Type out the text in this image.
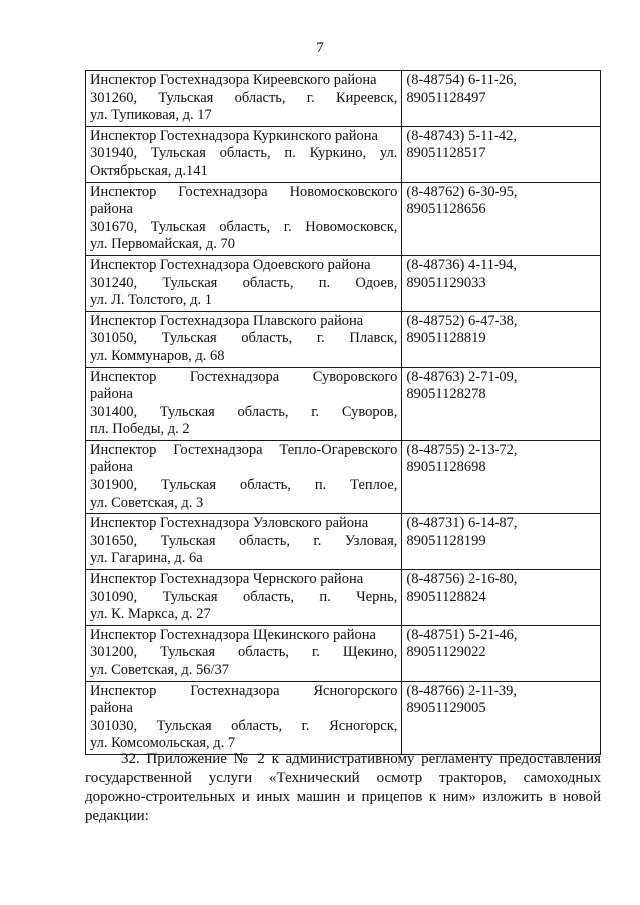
7
Инспектор Гостехнадзора Киреевского района
301260, Тульская область, г. Киреевск,
ул. Тупиковая, д. 17	(8-48754) 6-11-26,
89051128497

Инспектор Гостехнадзора Куркинского района
301940, Тульская область, п. Куркино, ул.
Октябрьская, д.141	(8-48743) 5-11-42,
89051128517

Инспектор Гостехнадзора Новомосковского
района
301670, Тульская область, г. Новомосковск,
ул. Первомайская, д. 70	(8-48762) 6-30-95,
89051128656

Инспектор Гостехнадзора Одоевского района
301240, Тульская область, п. Одоев,
ул. Л. Толстого, д. 1	(8-48736) 4-11-94,
89051129033

Инспектор Гостехнадзора Плавского района
301050, Тульская область, г. Плавск,
ул. Коммунаров, д. 68	(8-48752) 6-47-38,
89051128819

Инспектор Гостехнадзора Суворовского
района
301400, Тульская область, г. Суворов,
пл. Победы, д. 2	(8-48763) 2-71-09,
89051128278

Инспектор Гостехнадзора Тепло-Огаревского
района
301900, Тульская область, п. Теплое,
ул. Советская, д. 3	(8-48755) 2-13-72,
89051128698

Инспектор Гостехнадзора Узловского района
301650, Тульская область, г. Узловая,
ул. Гагарина, д. 6а	(8-48731) 6-14-87,
89051128199

Инспектор Гостехнадзора Чернского района
301090, Тульская область, п. Чернь,
ул. К. Маркса, д. 27	(8-48756) 2-16-80,
89051128824

Инспектор Гостехнадзора Щекинского района
301200, Тульская область, г. Щекино,
ул. Советская, д. 56/37	(8-48751) 5-21-46,
89051129022

Инспектор Гостехнадзора Ясногорского
района
301030, Тульская область, г. Ясногорск,
ул. Комсомольская, д. 7	(8-48766) 2-11-39,
89051129005
32. Приложение № 2 к административному регламенту предоставления
государственной услуги «Технический осмотр тракторов, самоходных
дорожно-строительных и иных машин и прицепов к ним» изложить в новой
редакции:
